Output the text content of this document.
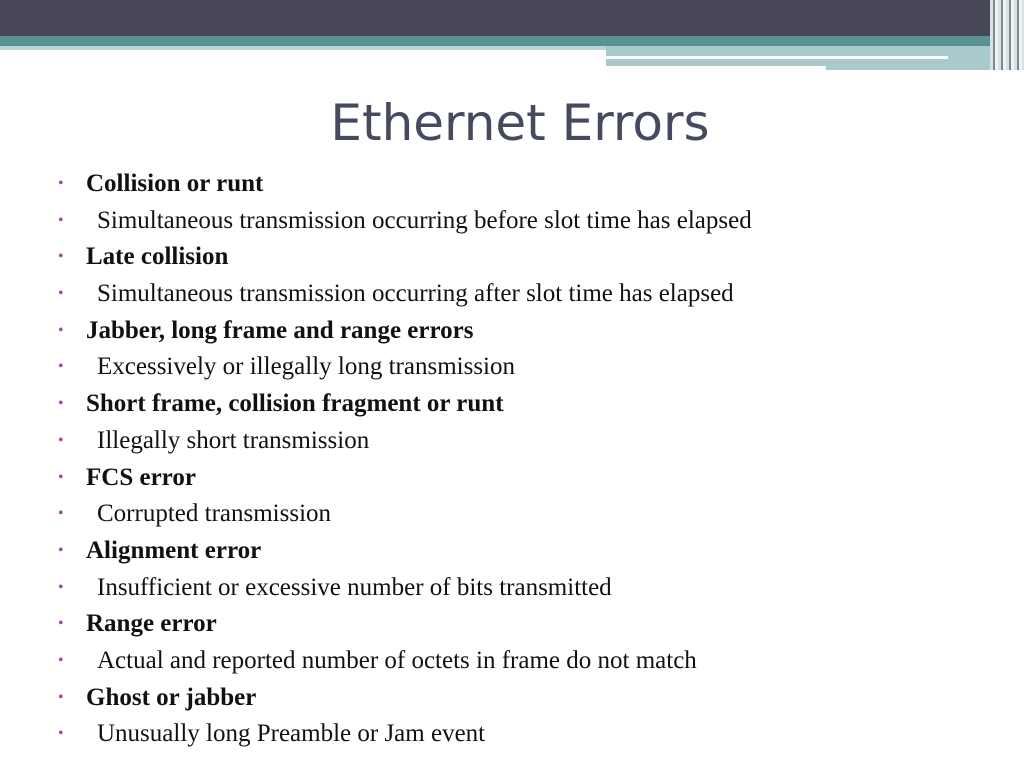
Ethernet Errors
• Collision or runt
•	Simultaneous transmission occurring before slot time has elapsed
• Late collision
•	Simultaneous transmission occurring after slot time has elapsed
• Jabber, long frame and range errors
•	Excessively or illegally long transmission
• Short frame, collision fragment or runt
•	Illegally short transmission
• FCS error
•	Corrupted transmission
• Alignment error
•	Insufficient or excessive number of bits transmitted
• Range error
•	Actual and reported number of octets in frame do not match
• Ghost or jabber
•	Unusually long Preamble or Jam event
